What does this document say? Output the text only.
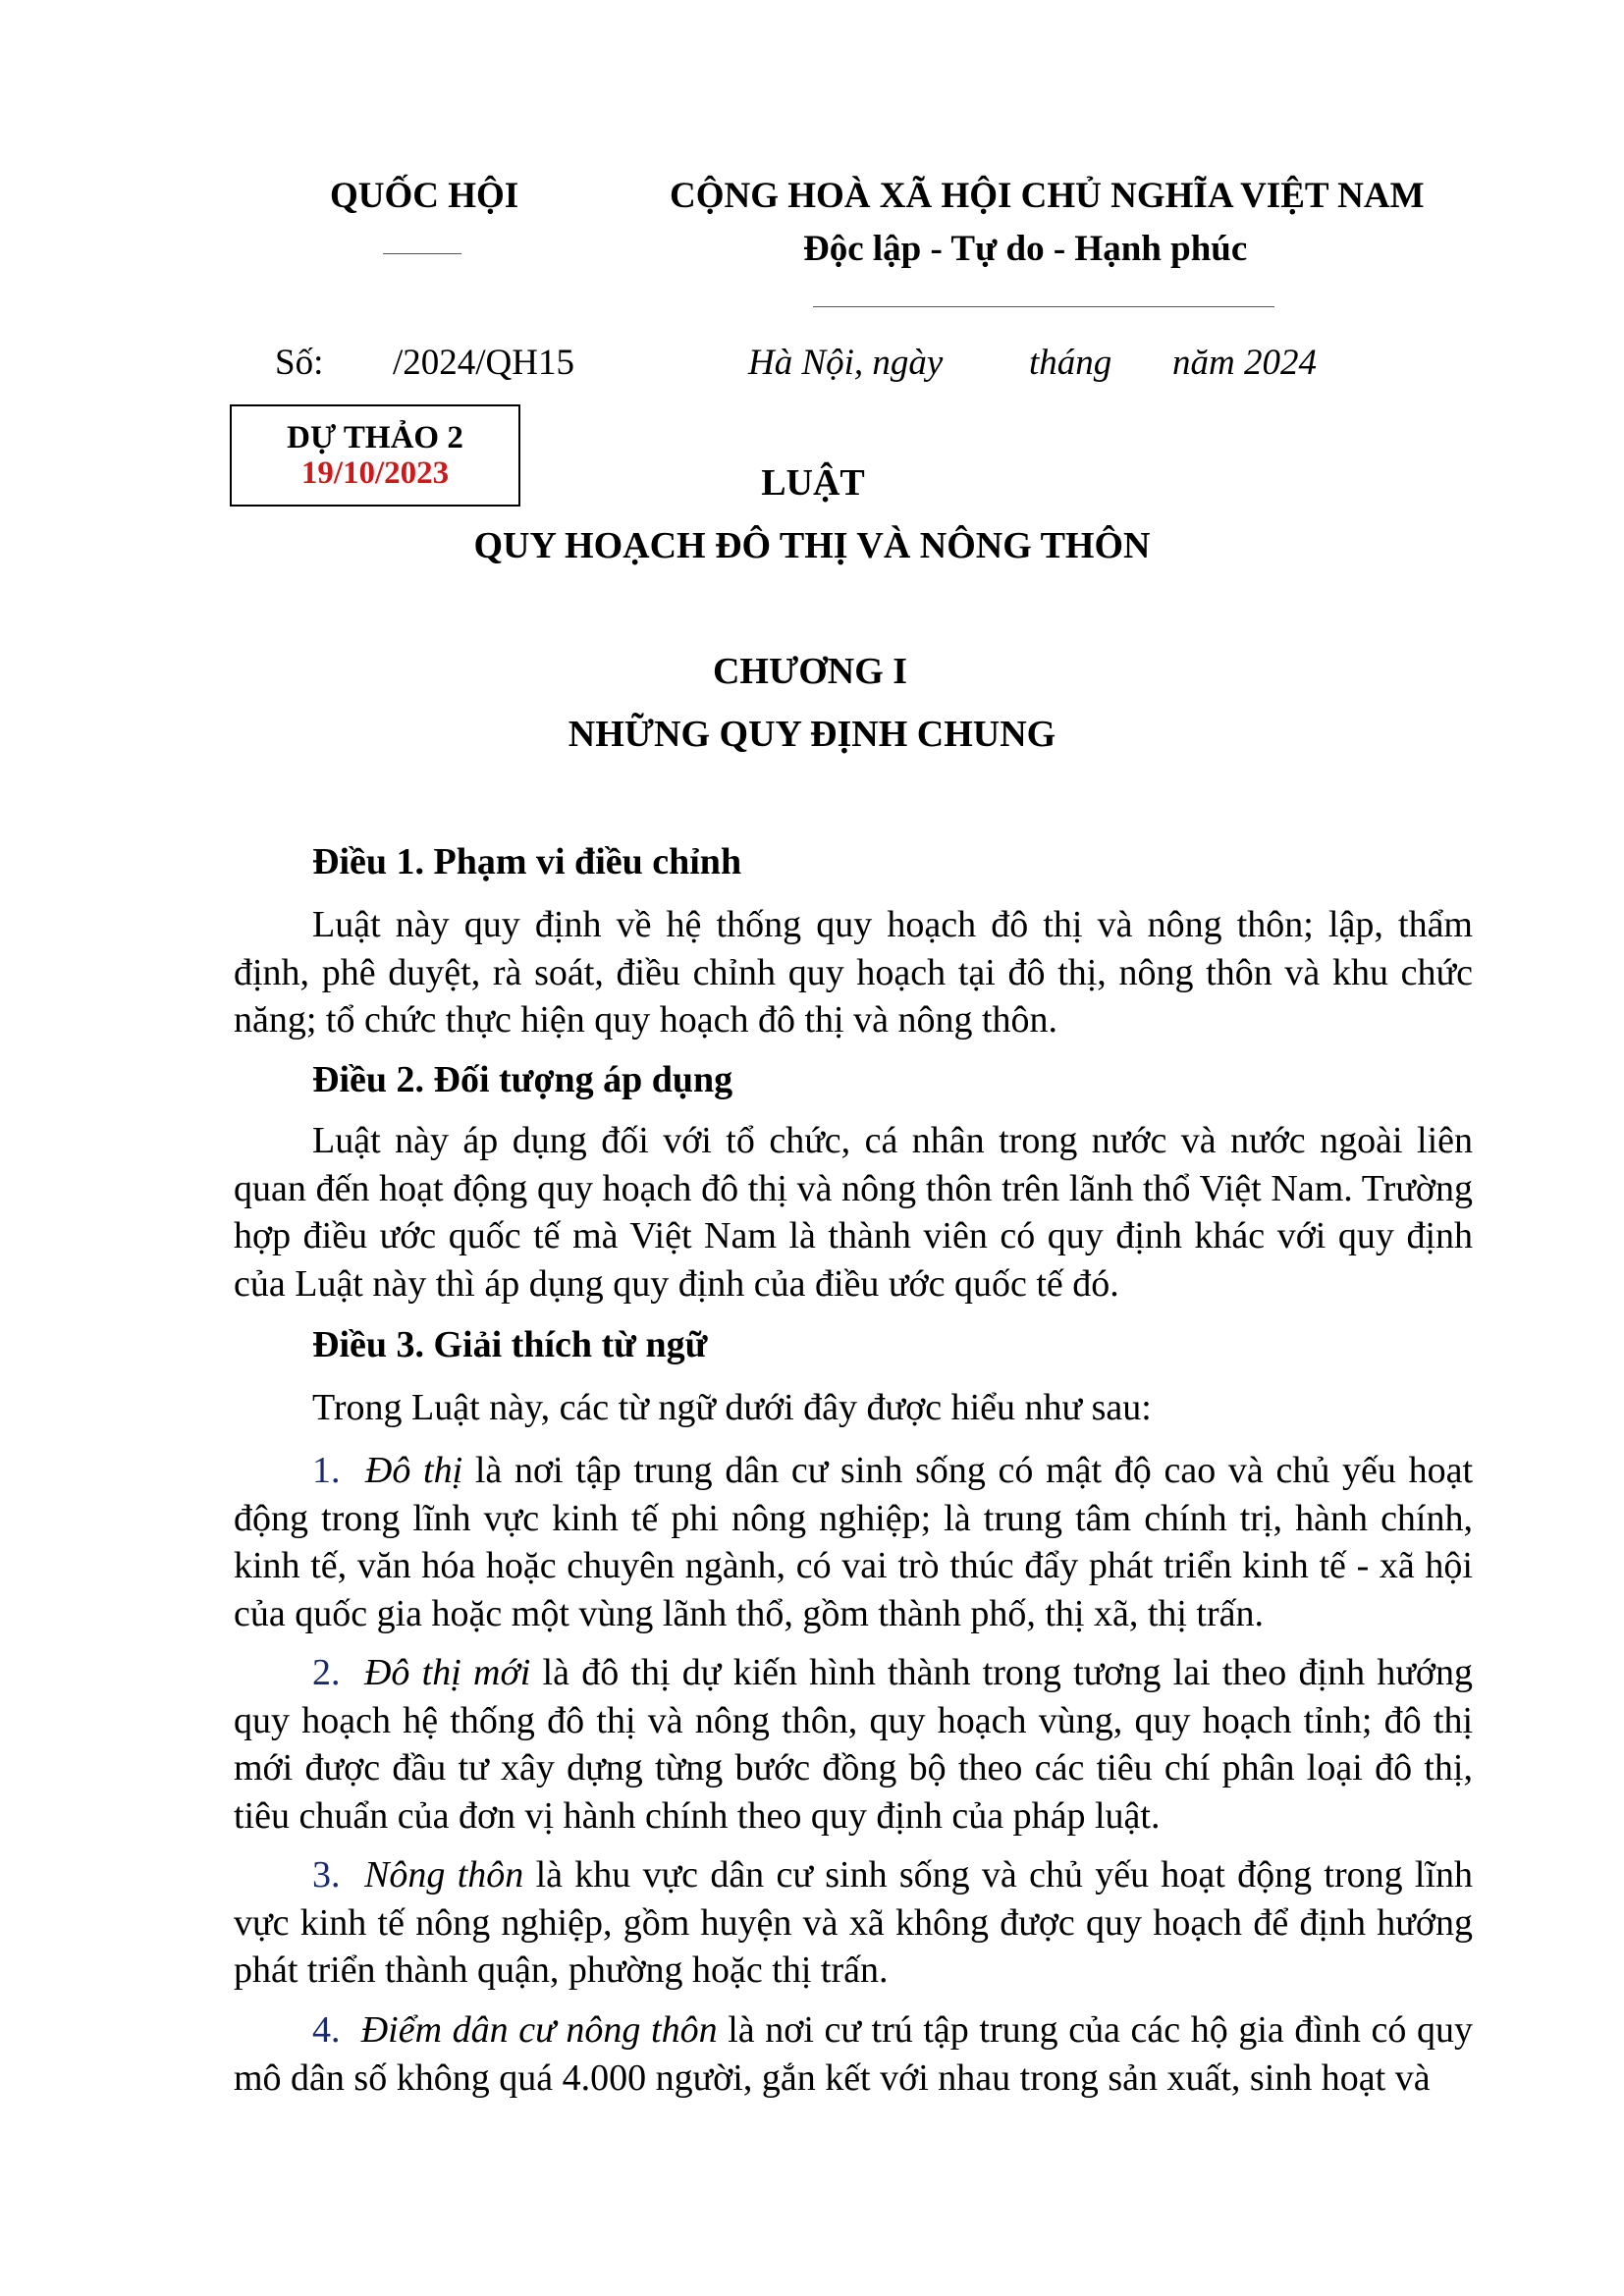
QUỐC HỘI	CỘNG HOÀ XÃ HỘI CHỦ NGHĨA VIỆT NAM
Độc lập - Tự do - Hạnh phúc
Số: /2024/QH15	Hà Nội, ngày tháng năm 2024
DỰ THẢO 2
19/10/2023	LUẬT
QUY HOẠCH ĐÔ THỊ VÀ NÔNG THÔN
CHƯƠNG I
NHỮNG QUY ĐỊNH CHUNG
Điều 1. Phạm vi điều chỉnh

Luật này quy định về hệ thống quy hoạch đô thị và nông thôn; lập, thẩm định, phê duyệt, rà soát, điều chỉnh quy hoạch tại đô thị, nông thôn và khu chức năng; tổ chức thực hiện quy hoạch đô thị và nông thôn.

Điều 2. Đối tượng áp dụng

Luật này áp dụng đối với tổ chức, cá nhân trong nước và nước ngoài liên quan đến hoạt động quy hoạch đô thị và nông thôn trên lãnh thổ Việt Nam. Trường hợp điều ước quốc tế mà Việt Nam là thành viên có quy định khác với quy định của Luật này thì áp dụng quy định của điều ước quốc tế đó.

Điều 3. Giải thích từ ngữ

Trong Luật này, các từ ngữ dưới đây được hiểu như sau:

1. Đô thị là nơi tập trung dân cư sinh sống có mật độ cao và chủ yếu hoạt động trong lĩnh vực kinh tế phi nông nghiệp; là trung tâm chính trị, hành chính, kinh tế, văn hóa hoặc chuyên ngành, có vai trò thúc đẩy phát triển kinh tế - xã hội của quốc gia hoặc một vùng lãnh thổ, gồm thành phố, thị xã, thị trấn.

2. Đô thị mới là đô thị dự kiến hình thành trong tương lai theo định hướng quy hoạch hệ thống đô thị và nông thôn, quy hoạch vùng, quy hoạch tỉnh; đô thị mới được đầu tư xây dựng từng bước đồng bộ theo các tiêu chí phân loại đô thị, tiêu chuẩn của đơn vị hành chính theo quy định của pháp luật.

3. Nông thôn là khu vực dân cư sinh sống và chủ yếu hoạt động trong lĩnh vực kinh tế nông nghiệp, gồm huyện và xã không được quy hoạch để định hướng phát triển thành quận, phường hoặc thị trấn.

4. Điểm dân cư nông thôn là nơi cư trú tập trung của các hộ gia đình có quy mô dân số không quá 4.000 người, gắn kết với nhau trong sản xuất, sinh hoạt và
